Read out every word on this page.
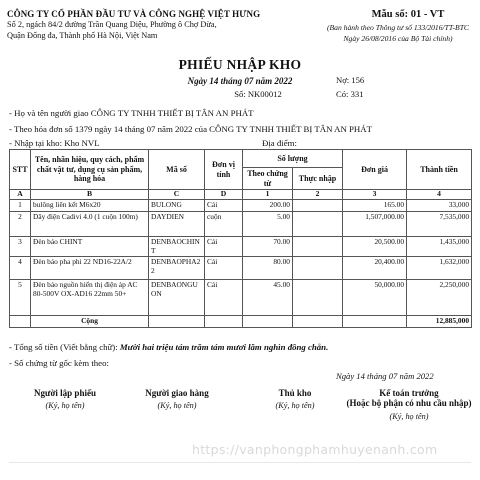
CÔNG TY CỔ PHẦN ĐẦU TƯ VÀ CÔNG NGHỆ VIỆT HƯNG
Số 2, ngách 84/2 đường Trần Quang Diệu, Phường ô Chợ Dừa,
Quận Đống đa, Thành phố Hà Nội, Việt Nam
Mẫu số: 01 - VT
(Ban hành theo Thông tư số 133/2016/TT-BTC
Ngày 26/08/2016 của Bộ Tài chính)
PHIẾU NHẬP KHO
Ngày 14 tháng 07 năm 2022
Số: NK00012
Nợ: 156
Có: 331
- Họ và tên người giao CÔNG TY TNHH THIẾT BỊ TÂN AN PHÁT
- Theo hóa đơn số 1379 ngày 14 tháng 07 năm 2022 của CÔNG TY TNHH THIẾT BỊ TÂN AN PHÁT
- Nhập tại kho: Kho NVL	Địa điểm:
STT	Tên, nhãn hiệu, quy cách, phẩm chất vật tư, dụng cụ sản phẩm, hàng hóa	Mã số	Đơn vị tính	Số lượng		Đơn giá	Thành tiền
				Theo chứng từ	Thực nhập		
A	B	C	D	1	2	3	4
1	bulông liên kết M6x20	BULONG	Cái	200.00		165.00	33,000
2	Dây điện Cadivi 4.0 (1 cuộn 100m)	DAYDIEN	cuộn	5.00		1,507,000.00	7,535,000
3	Đèn báo CHINT	DENBAOCHINT	Cái	70.00		20,500.00	1,435,000
4	Đèn báo pha phi 22 ND16-22A/2	DENBAOPHA22	Cái	80.00		20,400.00	1,632,000
5	Đèn báo nguồn hiển thị điện áp AC 80-500V OX-AD16 22mm 50+	DENBAONGUON	Cái	45.00		50,000.00	2,250,000
	Cộng						12,885,000
- Tổng số tiền (Viết bằng chữ): Mười hai triệu tám trăm tám mươi lăm nghìn đồng chẵn.
- Số chứng từ gốc kèm theo:
Ngày 14 tháng 07 năm 2022
Người lập phiếu
(Ký, họ tên)
Người giao hàng
(Ký, họ tên)
Thủ kho
(Ký, họ tên)
Kế toán trưởng
(Hoặc bộ phận có nhu cầu nhập)
(Ký, họ tên)
https://vanphongphamhuyenanh.com
